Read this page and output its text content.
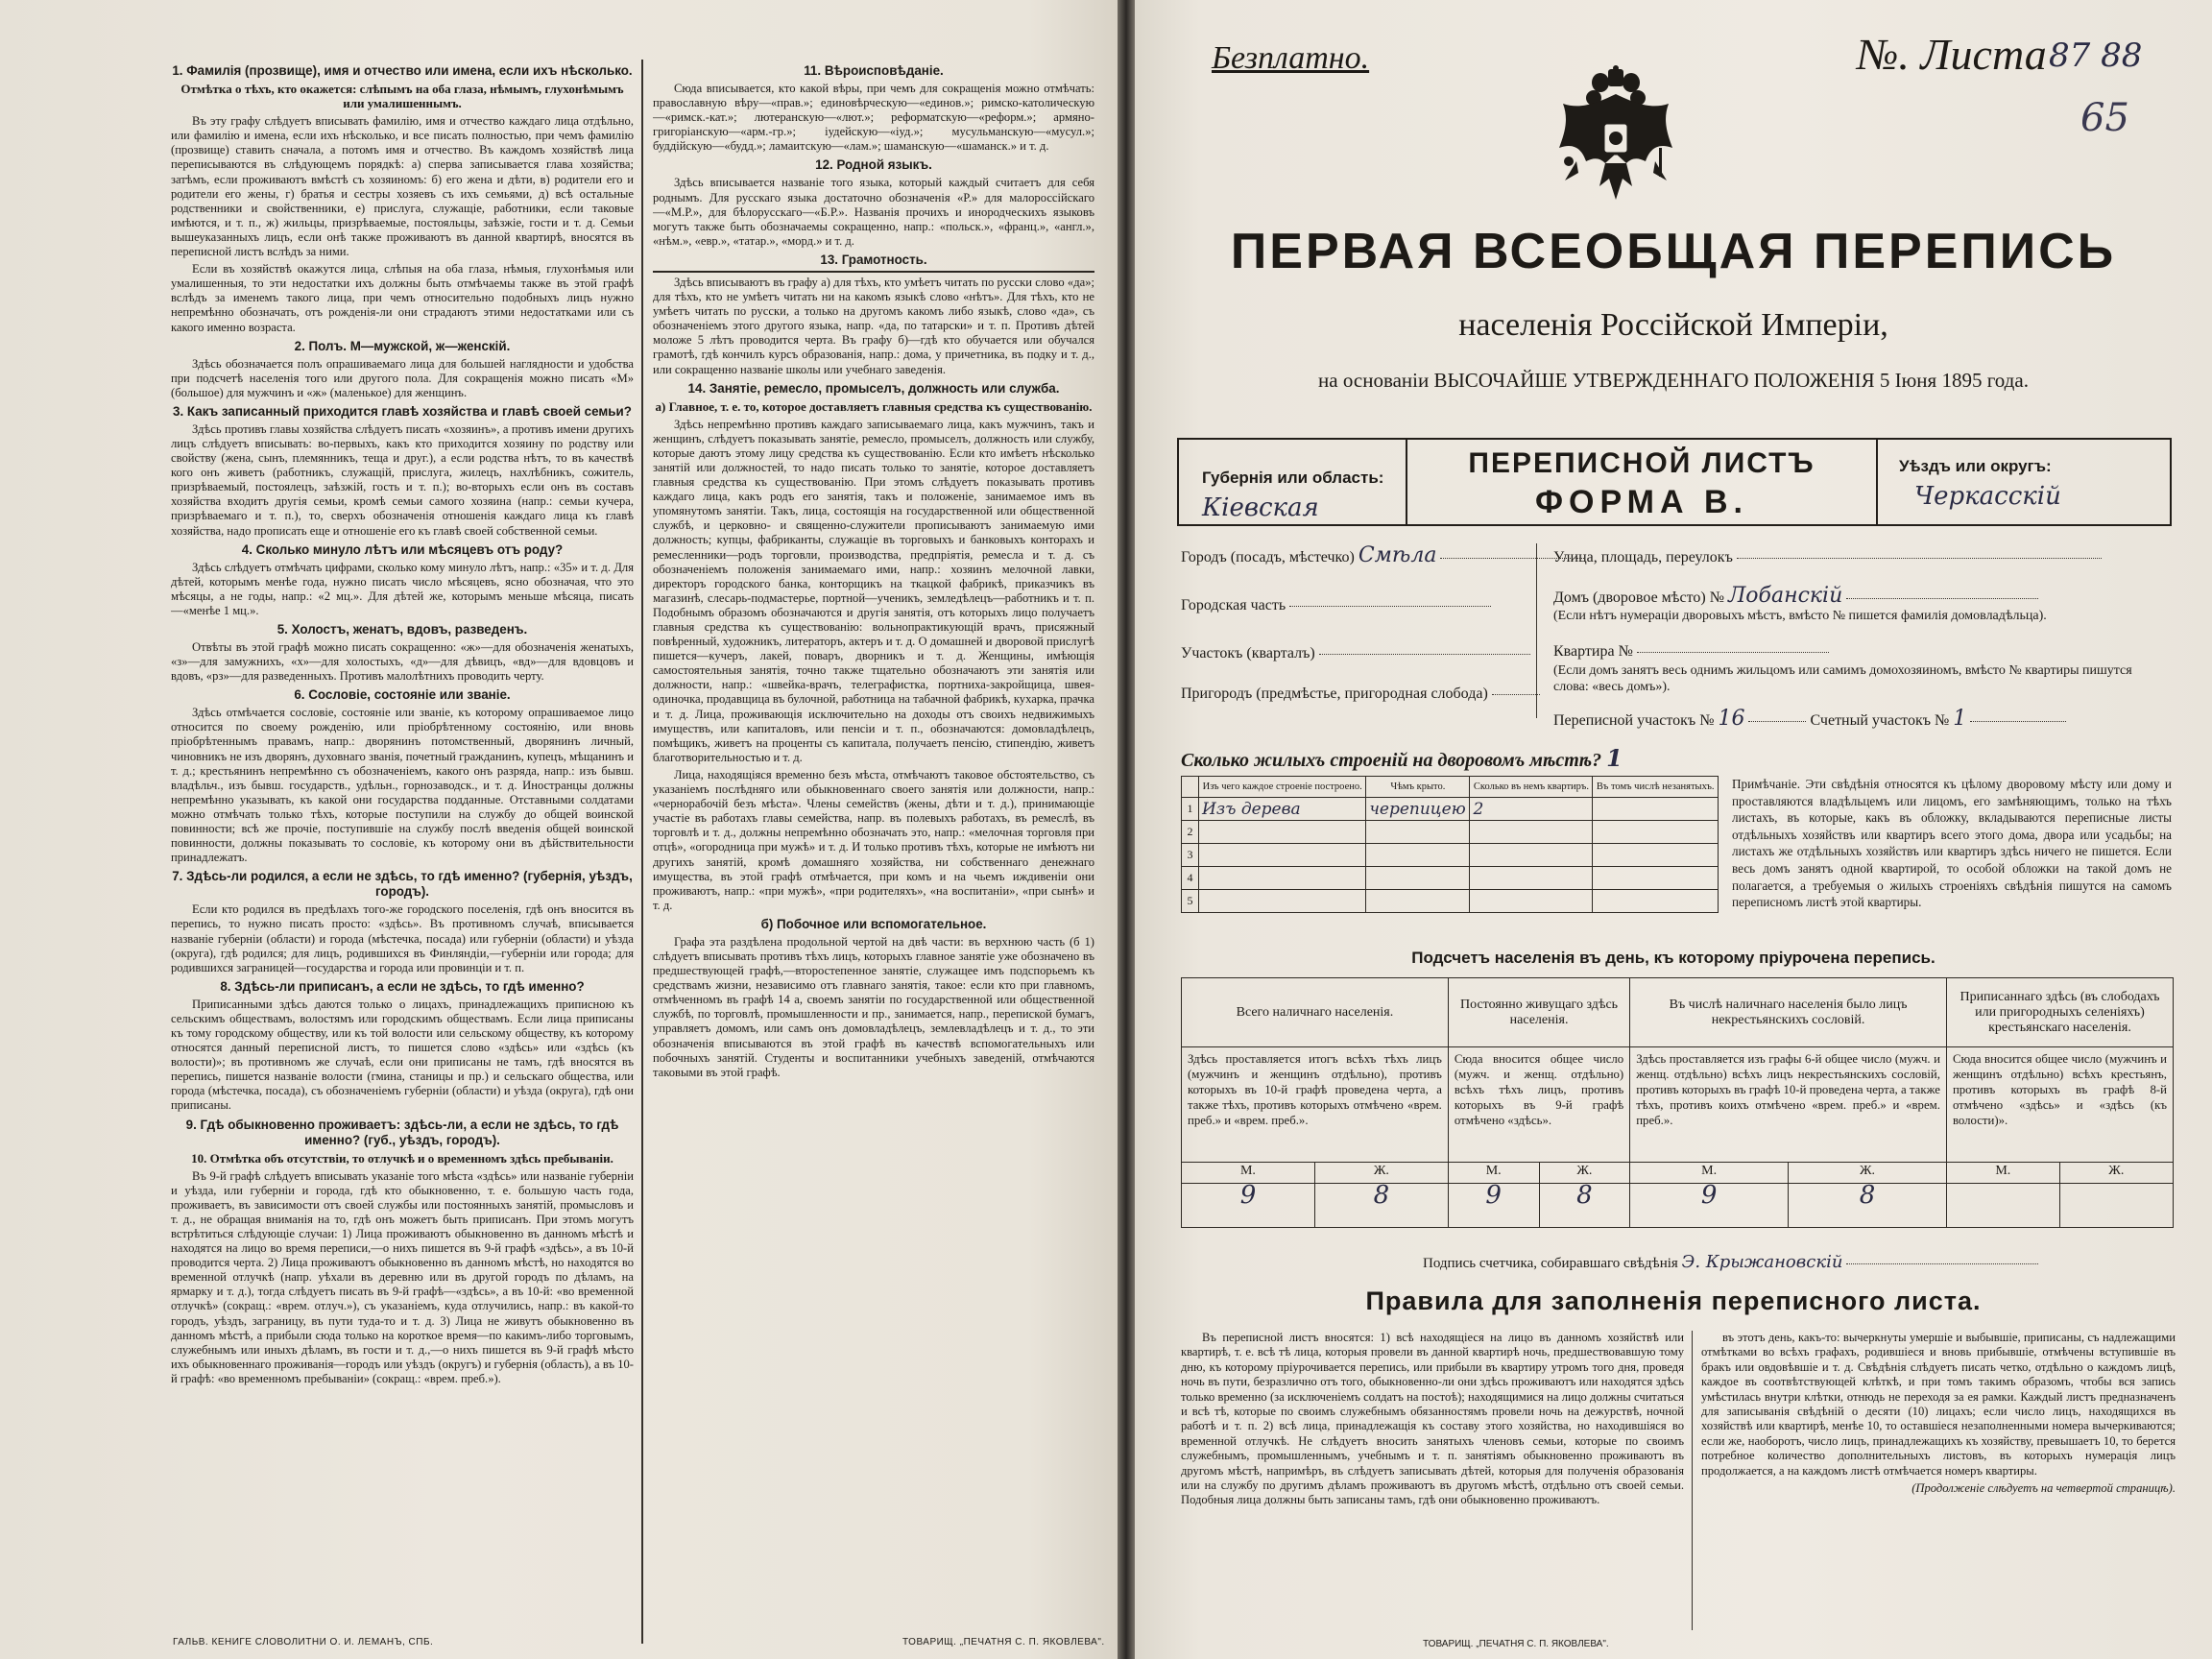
1. Фамилія (прозвище), имя и отчество или имена, если ихъ нѣсколько.
Отмѣтка о тѣхъ, кто окажется: слѣпымъ на оба глаза, нѣмымъ, глухонѣмымъ или умалишеннымъ.

Въ эту графу слѣдуетъ вписывать фамилію, имя и отчество каждаго лица отдѣльно, или фамилію и имена, если ихъ нѣсколько, и все писать полностью, при чемъ фамилію (прозвище) ставить сначала, а потомъ имя и отчество. Въ каждомъ хозяйствѣ лица переписываются въ слѣдующемъ порядкѣ: а) сперва записывается глава хозяйства; затѣмъ, если проживаютъ вмѣстѣ съ хозяиномъ: б) его жена и дѣти, в) родители его и родители его жены, г) братья и сестры хозяевъ съ ихъ семьями, д) всѣ остальные родственники и свойственники, е) прислуга, служащіе, работники, если таковые имѣются, и т. п., ж) жильцы, призрѣваемые, постояльцы, заѣзжіе, гости и т. д. Семьи вышеуказанныхъ лицъ, если онѣ также проживаютъ въ данной квартирѣ, вносятся въ переписной листъ вслѣдъ за ними.

Если въ хозяйствѣ окажутся лица, слѣпыя на оба глаза, нѣмыя, глухонѣмыя или умалишенныя, то эти недостатки ихъ должны быть отмѣчаемы также въ этой графѣ вслѣдъ за именемъ такого лица, при чемъ относительно подобныхъ лицъ нужно непремѣнно обозначать, отъ рожденія-ли они страдаютъ этими недостатками или съ какого именно возраста.

2. Полъ. М—мужской, ж—женскій.

Здѣсь обозначается полъ опрашиваемаго лица для большей наглядности и удобства при подсчетѣ населенія того или другого пола. Для сокращенія можно писать «М» (большое) для мужчинъ и «ж» (маленькое) для женщинъ.

3. Какъ записанный приходится главѣ хозяйства и главѣ своей семьи?

Здѣсь противъ главы хозяйства слѣдуетъ писать «хозяинъ», а противъ имени другихъ лицъ слѣдуетъ вписывать: во-первыхъ, какъ кто приходится хозяину по родству или свойству (жена, сынъ, племянникъ, теща и друг.), а если родства нѣтъ, то въ качествѣ кого онъ живетъ (работникъ, служащій, прислуга, жилецъ, нахлѣбникъ, сожитель, призрѣваемый, постоялецъ, заѣзжій, гость и т. п.); во-вторыхъ если онъ въ составъ хозяйства входитъ другія семьи, кромѣ семьи самого хозяина (напр.: семьи кучера, призрѣваемаго и т. п.), то, сверхъ обозначенія отношенія каждаго лица къ главѣ хозяйства, надо прописать еще и отношеніе его къ главѣ своей собственной семьи.

4. Сколько минуло лѣтъ или мѣсяцевъ отъ роду?

Здѣсь слѣдуетъ отмѣчать цифрами, сколько кому минуло лѣтъ, напр.: «35» и т. д. Для дѣтей, которымъ менѣе года, нужно писать число мѣсяцевъ, ясно обозначая, что это мѣсяцы, а не годы, напр.: «2 мц.». Для дѣтей же, которымъ меньше мѣсяца, писать—«менѣе 1 мц.».

5. Холостъ, женатъ, вдовъ, разведенъ.

Отвѣты въ этой графѣ можно писать сокращенно: «ж»—для обозначенія женатыхъ, «з»—для замужнихъ, «х»—для холостыхъ, «д»—для дѣвицъ, «вд»—для вдовцовъ и вдовъ, «рз»—для разведенныхъ. Противъ малолѣтнихъ проводить черту.

6. Сословіе, состояніе или званіе.

Здѣсь отмѣчается сословіе, состояніе или званіе, къ которому опрашиваемое лицо относится по своему рожденію, или пріобрѣтенному состоянію, или вновь пріобрѣтеннымъ правамъ, напр.: дворянинъ потомственный, дворянинъ личный, чиновникъ не изъ дворянъ, духовнаго званія, почетный гражданинъ, купецъ, мѣщанинъ и т. д.; крестьянинъ непремѣнно съ обозначеніемъ, какого онъ разряда, напр.: изъ бывш. владѣльч., изъ бывш. государств., удѣльн., горнозаводск., и т. д. Иностранцы должны непремѣнно указывать, къ какой они государства подданные. Отставными солдатами можно отмѣчать только тѣхъ, которые поступили на службу до общей воинской повинности; всѣ же прочіе, поступившіе на службу послѣ введенія общей воинской повинности, должны показывать то сословіе, къ которому они въ дѣйствительности принадлежатъ.

7. Здѣсь-ли родился, а если не здѣсь, то гдѣ именно? (губернія, уѣздъ, городъ).

Если кто родился въ предѣлахъ того-же городского поселенія, гдѣ онъ вносится въ перепись, то нужно писать просто: «здѣсь». Въ противномъ случаѣ, вписывается названіе губерніи (области) и города (мѣстечка, посада) или губерніи (области) и уѣзда (округа), гдѣ родился; для лицъ, родившихся въ Финляндіи,—губерніи или города; для родившихся заграницей—государства и города или провинціи и т. п.

8. Здѣсь-ли приписанъ, а если не здѣсь, то гдѣ именно?

Приписанными здѣсь даются только о лицахъ, принадлежащихъ приписною къ сельскимъ обществамъ, волостямъ или городскимъ обществамъ. Если лица приписаны къ тому городскому обществу, или къ той волости или сельскому обществу, къ которому относятся данный переписной листъ, то пишется слово «здѣсь» или «здѣсь (къ волости)»; въ противномъ же случаѣ, если они приписаны не тамъ, гдѣ вносятся въ перепись, пишется названіе волости (гмина, станицы и пр.) и сельскаго общества, или города (мѣстечка, посада), съ обозначеніемъ губерніи (области) и уѣзда (округа), гдѣ они приписаны.

9. Гдѣ обыкновенно проживаетъ: здѣсь-ли, а если не здѣсь, то гдѣ именно? (губ., уѣздъ, городъ).
10. Отмѣтка объ отсутствіи, то отлучкѣ и о временномъ здѣсь пребываніи.

Въ 9-й графѣ слѣдуетъ вписывать указаніе того мѣста «здѣсь» или названіе губерніи и уѣзда, или губерніи и города, гдѣ кто обыкновенно, т. е. большую часть года, проживаетъ, въ зависимости отъ своей службы или постоянныхъ занятій, промысловъ и т. д., не обращая вниманія на то, гдѣ онъ можетъ быть приписанъ. При этомъ могутъ встрѣтиться слѣдующіе случаи: 1) Лица проживаютъ обыкновенно въ данномъ мѣстѣ и находятся на лицо во время переписи,—о нихъ пишется въ 9-й графѣ «здѣсь», а въ 10-й проводится черта. 2) Лица проживаютъ обыкновенно въ данномъ мѣстѣ, но находятся во временной отлучкѣ (напр. уѣхали въ деревню или въ другой городъ по дѣламъ, на ярмарку и т. д.), тогда слѣдуетъ писать въ 9-й графѣ—«здѣсь», а въ 10-й: «во временной отлучкѣ» (сокращ.: «врем. отлуч.»), съ указаніемъ, куда отлучились, напр.: въ какой-то городъ, уѣздъ, заграницу, въ пути туда-то и т. д. 3) Лица не живутъ обыкновенно въ данномъ мѣстѣ, а прибыли сюда только на короткое время—по какимъ-либо торговымъ, служебнымъ или иныхъ дѣламъ, въ гости и т. д.,—о нихъ пишется въ 9-й графѣ мѣсто ихъ обыкновеннаго проживанія—городъ или уѣздъ (округъ) и губернія (область), а въ 10-й графѣ: «во временномъ пребываніи» (сокращ.: «врем. преб.»).

11. Вѣроисповѣданіе.

Сюда вписывается, кто какой вѣры, при чемъ для сокращенія можно отмѣчать: православную вѣру—«прав.»; единовѣрческую—«единов.»; римско-католическую—«римск.-кат.»; лютеранскую—«лют.»; реформатскую—«реформ.»; армяно-григоріанскую—«арм.-гр.»; іудейскую—«іуд.»; мусульманскую—«мусул.»; буддійскую—«будд.»; ламаитскую—«лам.»; шаманскую—«шаманск.» и т. д.

12. Родной языкъ.

Здѣсь вписывается названіе того языка, который каждый считаетъ для себя роднымъ. Для русскаго языка достаточно обозначенія «Р.» для малороссійскаго—«М.Р.», для бѣлорусскаго—«Б.Р.». Названія прочихъ и инородческихъ языковъ могутъ также быть обозначаемы сокращенно, напр.: «польск.», «франц.», «англ.», «нѣм.», «евр.», «татар.», «морд.» и т. д.

13. Грамотность.

Здѣсь вписываютъ въ графу а) для тѣхъ, кто умѣетъ читать по русски слово «да»; для тѣхъ, кто не умѣетъ читать ни на какомъ языкѣ слово «нѣтъ». Для тѣхъ, кто не умѣетъ читать по русски, а только на другомъ какомъ либо языкѣ, слово «да», съ обозначеніемъ этого другого языка, напр. «да, по татарски» и т. п. Противъ дѣтей моложе 5 лѣтъ проводится черта. Въ графу б)—гдѣ кто обучается или обучался грамотѣ, гдѣ кончилъ курсъ образованія, напр.: дома, у причетника, въ подку и т. д., или сокращенно названіе школы или учебнаго заведенія.

14. Занятіе, ремесло, промыселъ, должность или служба.
а) Главное, т. е. то, которое доставляетъ главныя средства къ существованію.

Здѣсь непремѣнно противъ каждаго записываемаго лица, какъ мужчинъ, такъ и женщинъ, слѣдуетъ показывать занятіе, ремесло, промыселъ, должность или службу, которые даютъ этому лицу средства къ существованію. Если кто имѣетъ нѣсколько занятій или должностей, то надо писать только то занятіе, которое доставляетъ главныя средства къ существованію. При этомъ слѣдуетъ показывать противъ каждаго лица, какъ родъ его занятія, такъ и положеніе, занимаемое имъ въ упомянутомъ занятіи. Такъ, лица, состоящія на государственной или общественной службѣ, и церковно- и священно-служители прописываютъ занимаемую ими должность; купцы, фабриканты, служащіе въ торговыхъ и банковыхъ конторахъ и ремесленники—родъ торговли, производства, предпріятія, ремесла и т. д. съ обозначеніемъ положенія занимаемаго ими, напр.: хозяинъ мелочной лавки, директоръ городского банка, конторщикъ на ткацкой фабрикѣ, приказчикъ въ магазинѣ, слесарь-подмастерье, портной—ученикъ, земледѣлецъ—работникъ и т. п. Подобнымъ образомъ обозначаются и другія занятія, отъ которыхъ лицо получаетъ главныя средства къ существованію: вольнопрактикующій врачъ, присяжный повѣренный, художникъ, литераторъ, актеръ и т. д. О домашней и дворовой прислугѣ пишется—кучеръ, лакей, поваръ, дворникъ и т. д. Женщины, имѣющія самостоятельныя занятія, точно также тщательно обозначаютъ эти занятія или должности, напр.: «швейка-врачъ, телеграфистка, портниха-закройщица, швея-одиночка, продавщица въ булочной, работница на табачной фабрикѣ, кухарка, прачка и т. д. Лица, проживающія исключительно на доходы отъ своихъ недвижимыхъ имуществъ, или капиталовъ, или пенсіи и т. п., обозначаются: домовладѣлецъ, помѣщикъ, живетъ на проценты съ капитала, получаетъ пенсію, стипендію, живетъ благотворительностью и т. д.

Лица, находящіяся временно безъ мѣста, отмѣчаютъ таковое обстоятельство, съ указаніемъ послѣдняго или обыкновеннаго своего занятія или должности, напр.: «чернорабочій безъ мѣста». Члены семействъ (жены, дѣти и т. д.), принимающіе участіе въ работахъ главы семейства, напр. въ полевыхъ работахъ, въ ремеслѣ, въ торговлѣ и т. д., должны непремѣнно обозначать это, напр.: «мелочная торговля при отцѣ», «огородница при мужѣ» и т. д. И только противъ тѣхъ, которые не имѣютъ ни другихъ занятій, кромѣ домашняго хозяйства, ни собственнаго денежнаго имущества, въ этой графѣ отмѣчается, при комъ и на чьемъ иждивеніи они проживаютъ, напр.: «при мужѣ», «при родителяхъ», «на воспитаніи», «при сынѣ» и т. д.

б) Побочное или вспомогательное.

Графа эта раздѣлена продольной чертой на двѣ части: въ верхнюю часть (б 1) слѣдуетъ вписывать противъ тѣхъ лицъ, которыхъ главное занятіе уже обозначено въ предшествующей графѣ,—второстепенное занятіе, служащее имъ подспорьемъ къ средствамъ жизни, независимо отъ главнаго занятія, такое: если кто при главномъ, отмѣченномъ въ графѣ 14 а, своемъ занятіи по государственной или общественной службѣ, по торговлѣ, промышленности и пр., занимается, напр., перепиской бумагъ, управляетъ домомъ, или самъ онъ домовладѣлецъ, землевладѣлецъ и т. д., то эти обозначенія вписываются въ этой графѣ въ качествѣ вспомогательныхъ или побочныхъ занятій. Студенты и воспитанники учебныхъ заведеній, отмѣчаются таковыми въ этой графѣ.

ГАЛЬВ. КЕНИГЕ СЛОВОЛИТНИ О. И. ЛЕМАНЪ, СПБ.	ТОВАРИЩ. „ПЕЧАТНЯ С. П. ЯКОВЛЕВА".
Безплатно.	№. Листа 87 88
65
ПЕРВАЯ ВСЕОБЩАЯ ПЕРЕПИСЬ
населенія Россійской Имперіи,
на основаніи ВЫСОЧАЙШЕ УТВЕРЖДЕННАГО ПОЛОЖЕНІЯ 5 Іюня 1895 года.
Губернія или область:
Кіевская
ПЕРЕПИСНОЙ ЛИСТЪ
ФОРМА В.
Уѣздъ или округъ:
Черкасскій
Городъ (посадъ, мѣстечко) Смѣла
Городская часть
Участокъ (кварталъ)
Пригородъ (предмѣстье, пригородная слобода)
Улица, площадь, переулокъ
Домъ (дворовое мѣсто) № Лобанскій
(Если нѣтъ нумераціи дворовыхъ мѣстъ, вмѣсто № пишется фамилія домовладѣльца).
Квартира №
(Если домъ занятъ весь однимъ жильцомъ или самимъ домохозяиномъ, вмѣсто № квартиры пишутся слова: «весь домъ»).
Переписной участокъ № 16	Счетный участокъ № 1
Сколько жилыхъ строеній на дворовомъ мѣстѣ? 1
	Изъ чего каждое строеніе построено.	Чѣмъ крыто.	Сколько въ немъ квартиръ.	Въ томъ числѣ незанятыхъ.
1	Изъ дерева	черепицею	2	
2				
3				
4				
5				
Примѣчаніе. Эти свѣдѣнія относятся къ цѣлому дворовому мѣсту или дому и проставляются владѣльцемъ или лицомъ, его замѣняющимъ, только на тѣхъ листахъ, въ которые, какъ въ обложку, вкладываются переписные листы отдѣльныхъ хозяйствъ или квартиръ всего этого дома, двора или усадьбы; на листахъ же отдѣльныхъ хозяйствъ или квартиръ здѣсь ничего не пишется. Если весь домъ занятъ одной квартирой, то особой обложки на такой домъ не полагается, а требуемыя о жилыхъ строеніяхъ свѣдѣнія пишутся на самомъ переписномъ листѣ этой квартиры.
Подсчетъ населенія въ день, къ которому пріурочена перепись.
Всего наличнаго населенія.		Постоянно живущаго здѣсь населенія.		Въ числѣ наличнаго населенія было лицъ некрестьянскихъ сословій.		Приписаннаго здѣсь (въ слободахъ или пригородныхъ селеніяхъ) крестьянскаго населенія.	
Здѣсь проставляется итогъ всѣхъ тѣхъ лицъ (мужчинъ и женщинъ отдѣльно), противъ которыхъ въ 10-й графѣ проведена черта, а также тѣхъ, противъ которыхъ отмѣчено «врем. преб.» и «врем. преб.».		Сюда вносится общее число (мужч. и женщ. отдѣльно) всѣхъ тѣхъ лицъ, противъ которыхъ въ 9-й графѣ отмѣчено «здѣсь».		Здѣсь проставляется изъ графы 6-й общее число (мужч. и женщ. отдѣльно) всѣхъ лицъ некрестьянскихъ сословій, противъ которыхъ въ графѣ 10-й проведена черта, а также тѣхъ, противъ коихъ отмѣчено «врем. преб.» и «врем. преб.».		Сюда вносится общее число (мужчинъ и женщинъ отдѣльно) всѣхъ крестьянъ, противъ которыхъ въ графѣ 8-й отмѣчено «здѣсь» и «здѣсь (къ волости)».	
М.	Ж.	М.	Ж.	М.	Ж.	М.	Ж.
9	8	9	8	9	8		
Подпись счетчика, собиравшаго свѣдѣнія Э. Крыжановскій
Правила для заполненія переписного листа.

Въ переписной листъ вносятся: 1) всѣ находящіеся на лицо въ данномъ хозяйствѣ или квартирѣ, т. е. всѣ тѣ лица, которыя провели въ данной квартирѣ ночь, предшествовавшую тому дню, къ которому пріурочивается перепись, или прибыли въ квартиру утромъ того дня, проведя ночь въ пути, безразлично отъ того, обыкновенно-ли они здѣсь проживаютъ или находятся здѣсь только временно (за исключеніемъ солдатъ на постоѣ); находящимися на лицо должны считаться и всѣ тѣ, которые по своимъ служебнымъ обязанностямъ провели ночь на дежурствѣ, ночной работѣ и т. п. 2) всѣ лица, принадлежащія къ составу этого хозяйства, но находившіяся во временной отлучкѣ. Не слѣдуетъ вносить занятыхъ членовъ семьи, которые по своимъ служебнымъ, промышленнымъ, учебнымъ и т. п. занятіямъ обыкновенно проживаютъ въ другомъ мѣстѣ, напримѣръ, въ слѣдуетъ записывать дѣтей, которыя для полученія образованія или на службу по другимъ дѣламъ проживаютъ въ другомъ мѣстѣ, отдѣльно отъ своей семьи. Подобныя лица должны быть записаны тамъ, гдѣ они обыкновенно проживаютъ.

въ этотъ день, какъ-то: вычеркнуты умершіе и выбывшіе, приписаны, съ надлежащими отмѣтками во всѣхъ графахъ, родившіеся и вновь прибывшіе, отмѣчены вступившіе въ бракъ или овдовѣвшіе и т. д. Свѣдѣнія слѣдуетъ писать четко, отдѣльно о каждомъ лицѣ, каждое въ соотвѣтствующей клѣткѣ, и при томъ такимъ образомъ, чтобы вся запись умѣстилась внутри клѣтки, отнюдь не переходя за ея рамки. Каждый листъ предназначенъ для записыванія свѣдѣній о десяти (10) лицахъ; если число лицъ, находящихся въ хозяйствѣ или квартирѣ, менѣе 10, то оставшіеся незаполненными номера вычеркиваются; если же, наоборотъ, число лицъ, принадлежащихъ къ хозяйству, превышаетъ 10, то берется потребное количество дополнительныхъ листовъ, въ которыхъ нумерація лицъ продолжается, а на каждомъ листѣ отмѣчается номеръ квартиры.

(Продолженіе слѣдуетъ на четвертой страницѣ).

ТОВАРИЩ. „ПЕЧАТНЯ С. П. ЯКОВЛЕВА".
